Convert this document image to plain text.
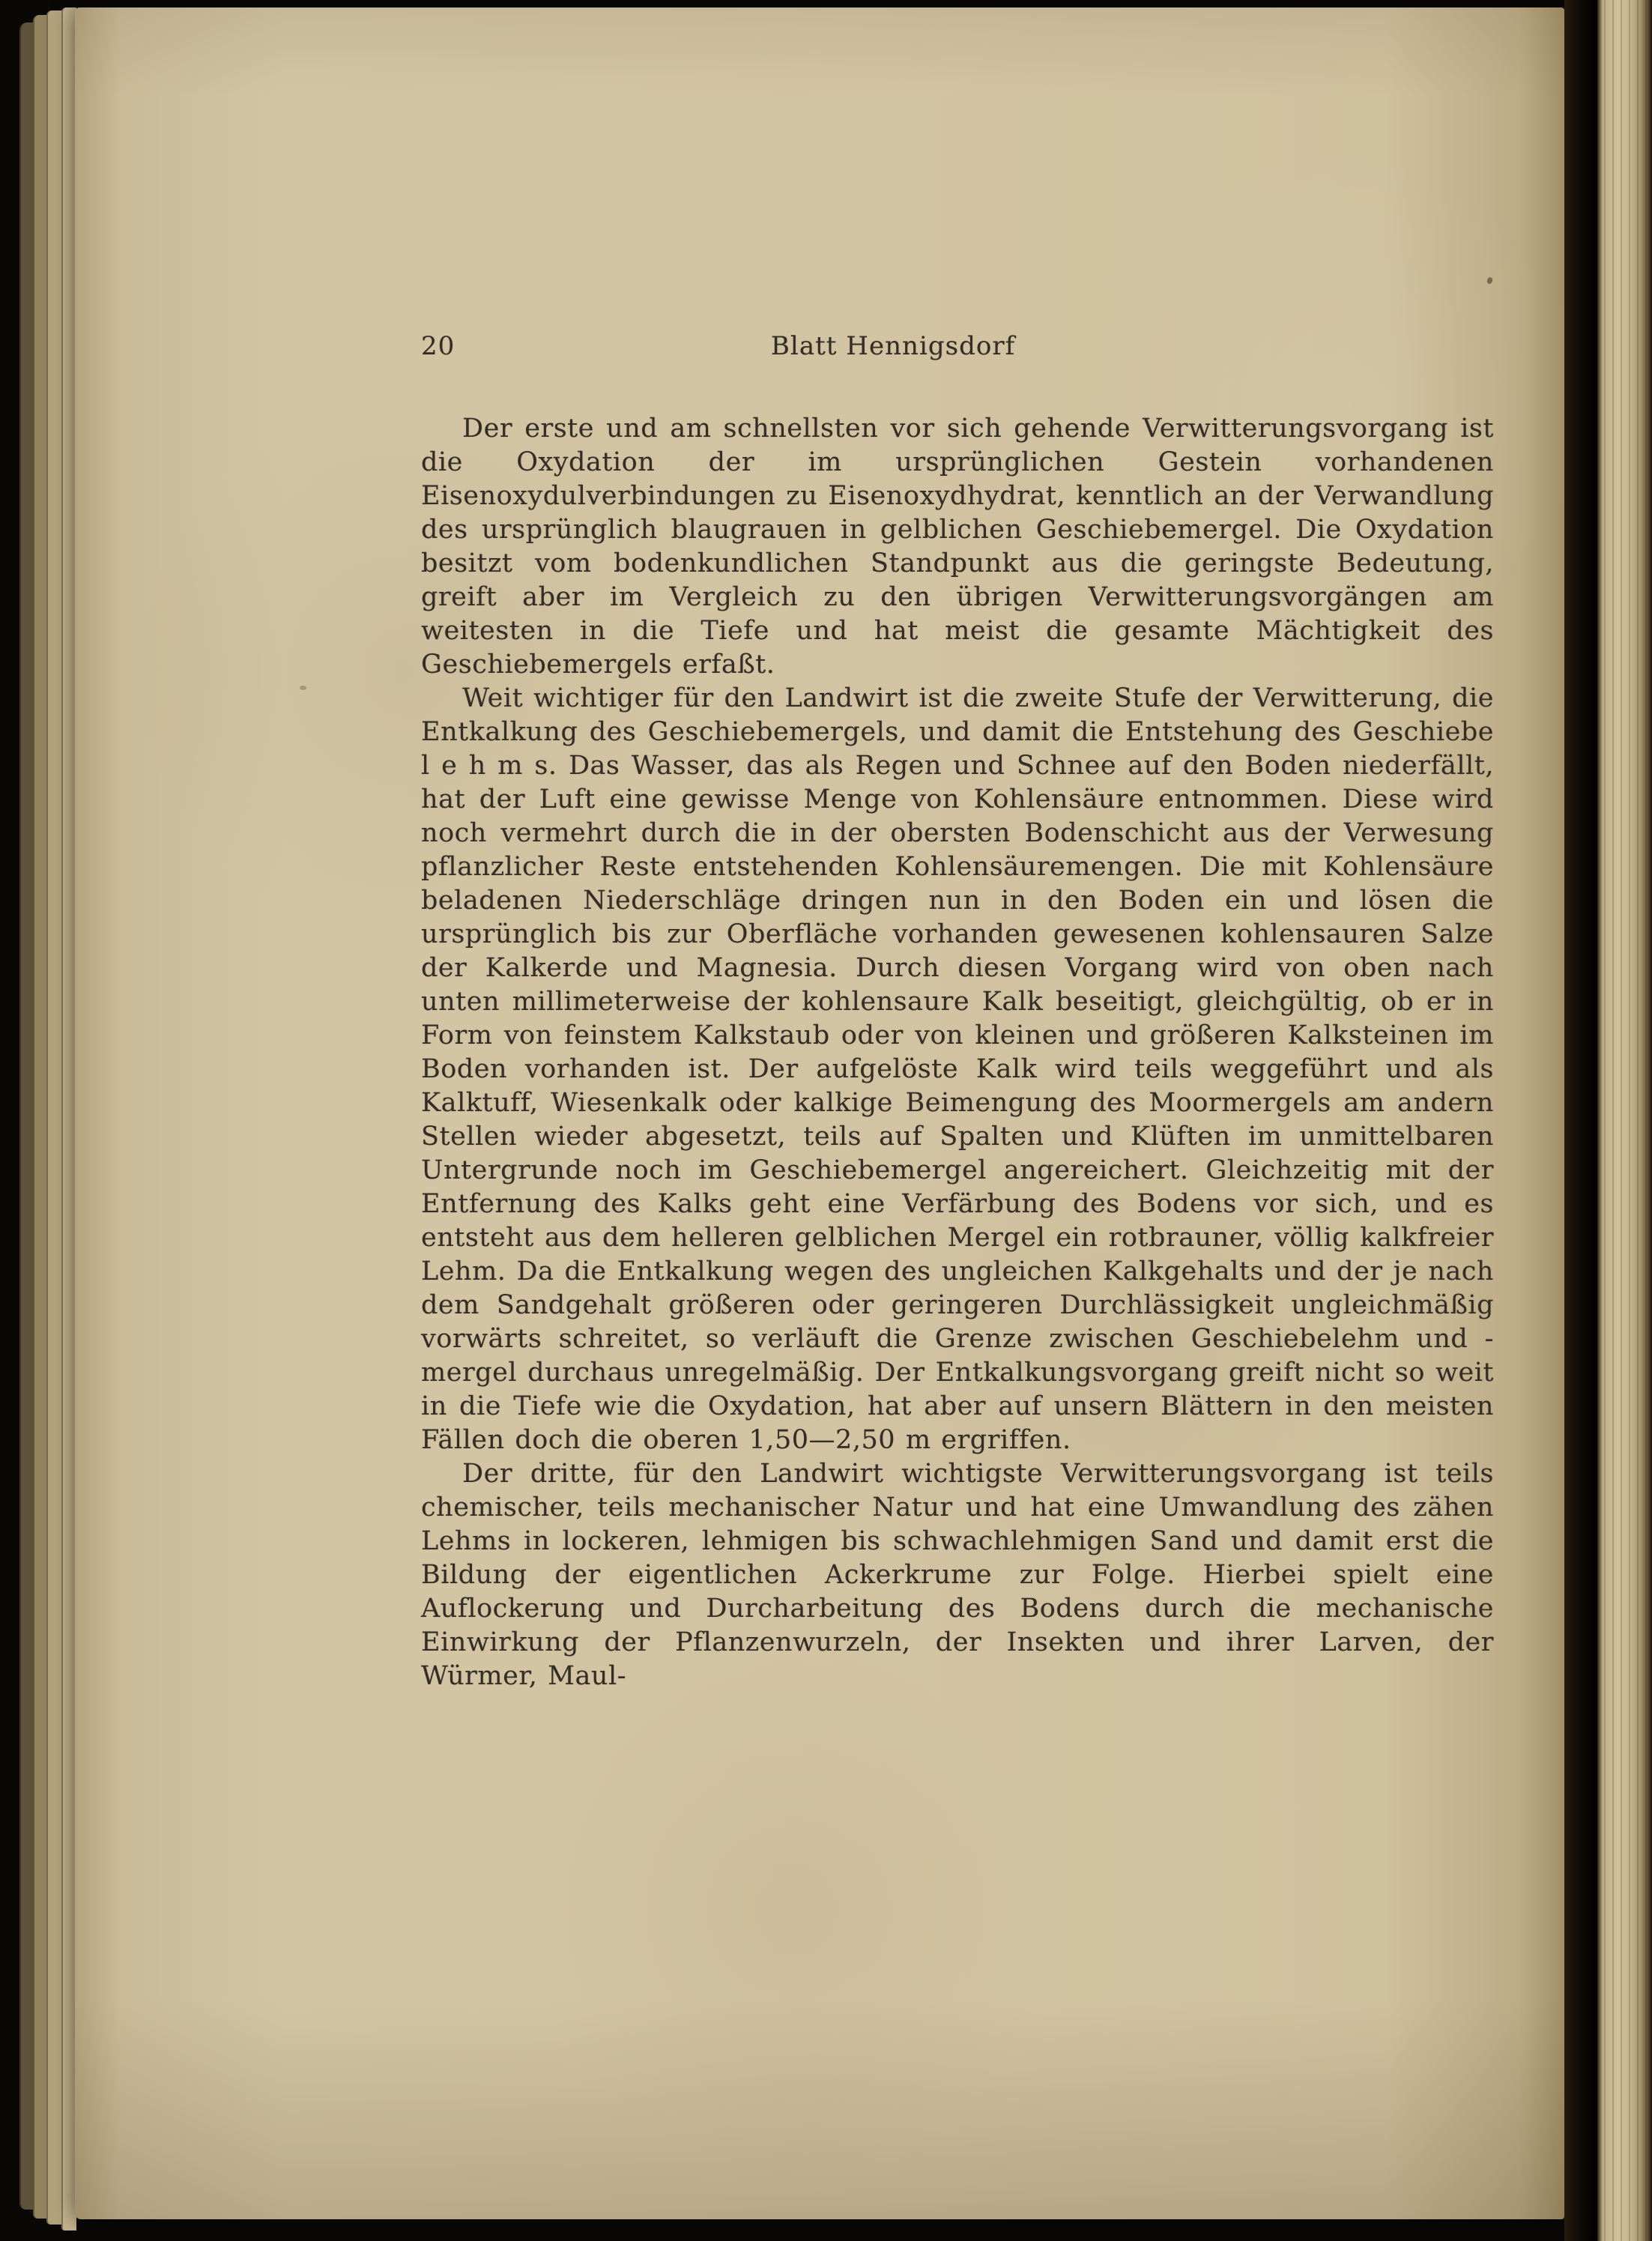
20	Blatt Hennigsdorf

Der erste und am schnellsten vor sich gehende Verwitterungsvorgang ist die Oxydation der im ursprünglichen Gestein vorhandenen Eisenoxydulverbindungen zu Eisenoxydhydrat, kenntlich an der Verwandlung des ursprünglich blaugrauen in gelblichen Geschiebemergel. Die Oxydation besitzt vom bodenkundlichen Standpunkt aus die geringste Bedeutung, greift aber im Vergleich zu den übrigen Verwitterungsvorgängen am weitesten in die Tiefe und hat meist die gesamte Mächtigkeit des Geschiebemergels erfaßt.

Weit wichtiger für den Landwirt ist die zweite Stufe der Verwitterung, die Entkalkung des Geschiebemergels, und damit die Entstehung des Geschiebe l e h m s. Das Wasser, das als Regen und Schnee auf den Boden niederfällt, hat der Luft eine gewisse Menge von Kohlensäure entnommen. Diese wird noch vermehrt durch die in der obersten Bodenschicht aus der Verwesung pflanzlicher Reste entstehenden Kohlensäuremengen. Die mit Kohlensäure beladenen Niederschläge dringen nun in den Boden ein und lösen die ursprünglich bis zur Oberfläche vorhanden gewesenen kohlensauren Salze der Kalkerde und Magnesia. Durch diesen Vorgang wird von oben nach unten millimeterweise der kohlensaure Kalk beseitigt, gleichgültig, ob er in Form von feinstem Kalkstaub oder von kleinen und größeren Kalksteinen im Boden vorhanden ist. Der aufgelöste Kalk wird teils weggeführt und als Kalktuff, Wiesenkalk oder kalkige Beimengung des Moormergels am andern Stellen wieder abgesetzt, teils auf Spalten und Klüften im unmittelbaren Untergrunde noch im Geschiebemergel angereichert. Gleichzeitig mit der Entfernung des Kalks geht eine Verfärbung des Bodens vor sich, und es entsteht aus dem helleren gelblichen Mergel ein rotbrauner, völlig kalkfreier Lehm. Da die Entkalkung wegen des ungleichen Kalkgehalts und der je nach dem Sandgehalt größeren oder geringeren Durchlässigkeit ungleichmäßig vorwärts schreitet, so verläuft die Grenze zwischen Geschiebelehm und -mergel durchaus unregelmäßig. Der Entkalkungsvorgang greift nicht so weit in die Tiefe wie die Oxydation, hat aber auf unsern Blättern in den meisten Fällen doch die oberen 1,50—2,50 m ergriffen.

Der dritte, für den Landwirt wichtigste Verwitterungsvorgang ist teils chemischer, teils mechanischer Natur und hat eine Umwandlung des zähen Lehms in lockeren, lehmigen bis schwachlehmigen Sand und damit erst die Bildung der eigentlichen Ackerkrume zur Folge. Hierbei spielt eine Auflockerung und Durcharbeitung des Bodens durch die mechanische Einwirkung der Pflanzenwurzeln, der Insekten und ihrer Larven, der Würmer, Maul-
